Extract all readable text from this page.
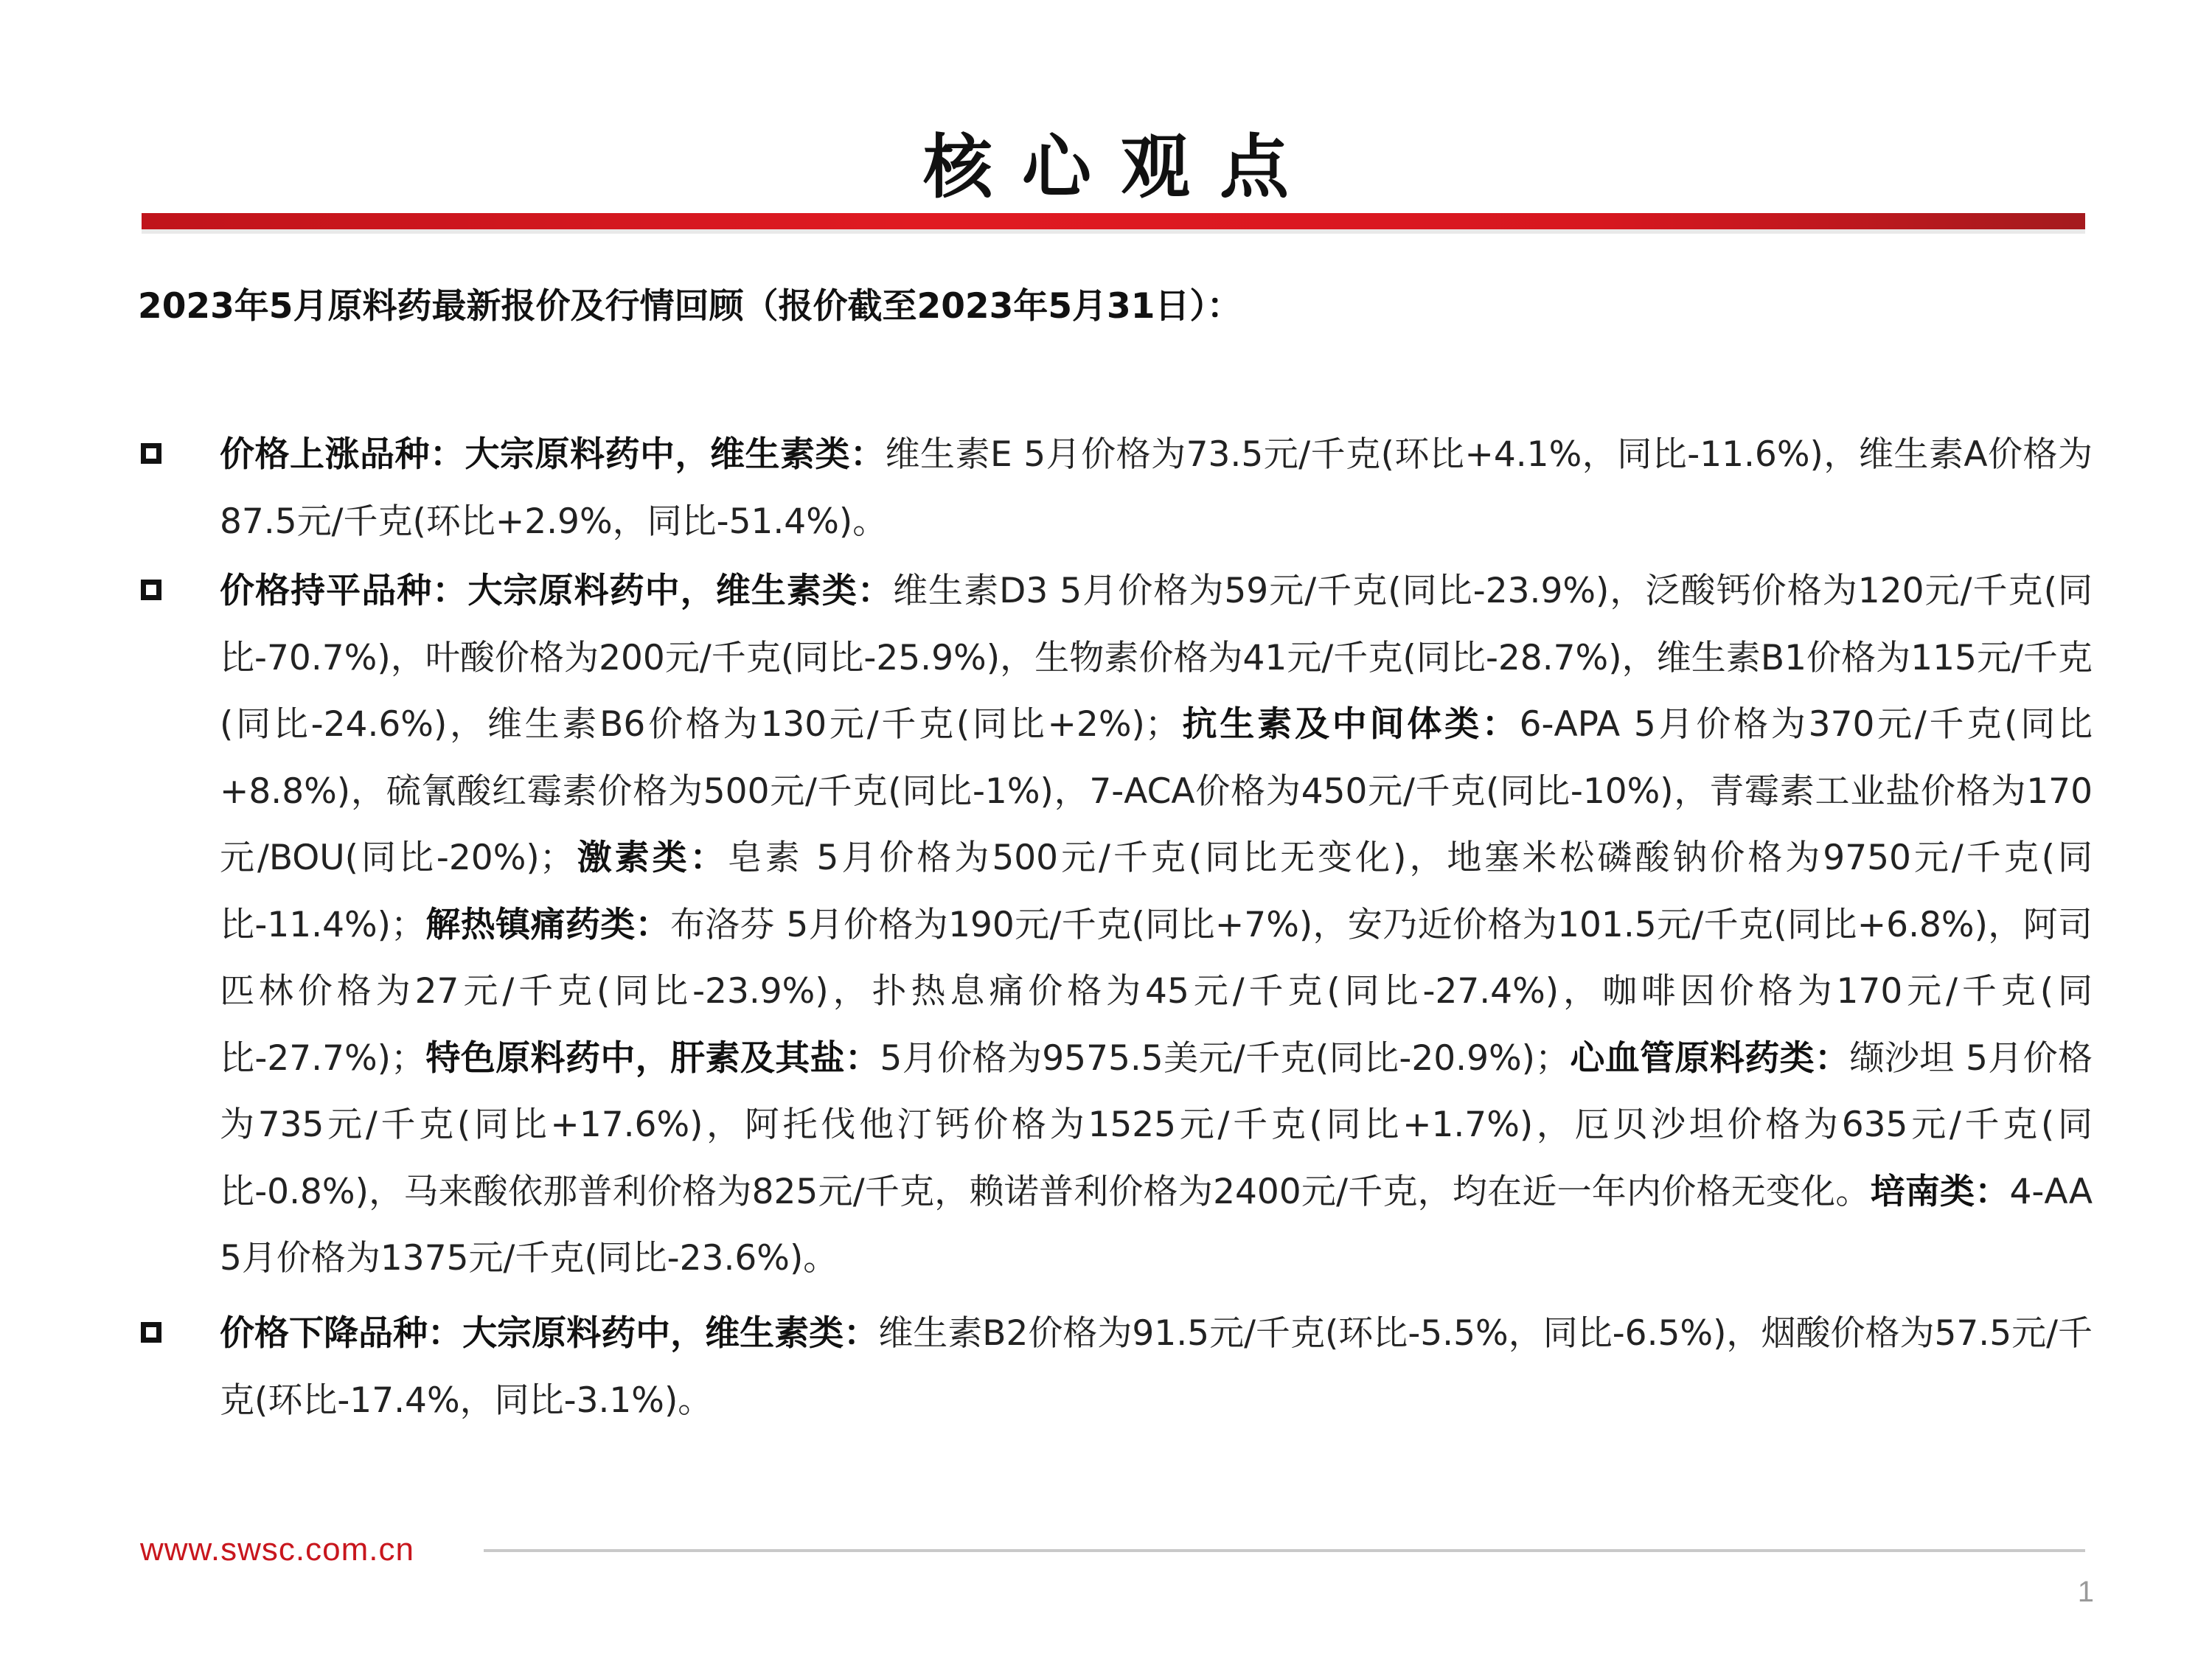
核心观点
2023年5月原料药最新报价及行情回顾（报价截至2023年5月31日）：
价格上涨品种：大宗原料药中，维生素类：维生素E 5月价格为73.5元/千克(环比+4.1%，同比-11.6%)，维生素A价格为87.5元/千克(环比+2.9%，同比-51.4%)。
价格持平品种：大宗原料药中，维生素类：维生素D3 5月价格为59元/千克(同比-23.9%)，泛酸钙价格为120元/千克(同比-70.7%)，叶酸价格为200元/千克(同比-25.9%)，生物素价格为41元/千克(同比-28.7%)，维生素B1价格为115元/千克(同比-24.6%)，维生素B6价格为130元/千克(同比+2%)；抗生素及中间体类：6-APA 5月价格为370元/千克(同比+8.8%)，硫氰酸红霉素价格为500元/千克(同比-1%)，7-ACA价格为450元/千克(同比-10%)，青霉素工业盐价格为170元/BOU(同比-20%)；激素类：皂素 5月价格为500元/千克(同比无变化)，地塞米松磷酸钠价格为9750元/千克(同比-11.4%)；解热镇痛药类：布洛芬 5月价格为190元/千克(同比+7%)，安乃近价格为101.5元/千克(同比+6.8%)，阿司匹林价格为27元/千克(同比-23.9%)，扑热息痛价格为45元/千克(同比-27.4%)，咖啡因价格为170元/千克(同比-27.7%)；特色原料药中，肝素及其盐：5月价格为9575.5美元/千克(同比-20.9%)；心血管原料药类：缬沙坦 5月价格为735元/千克(同比+17.6%)，阿托伐他汀钙价格为1525元/千克(同比+1.7%)，厄贝沙坦价格为635元/千克(同比-0.8%)，马来酸依那普利价格为825元/千克，赖诺普利价格为2400元/千克，均在近一年内价格无变化。培南类：4-AA 5月价格为1375元/千克(同比-23.6%)。
价格下降品种：大宗原料药中，维生素类：维生素B2价格为91.5元/千克(环比-5.5%，同比-6.5%)，烟酸价格为57.5元/千克(环比-17.4%，同比-3.1%)。
www.swsc.com.cn
1
